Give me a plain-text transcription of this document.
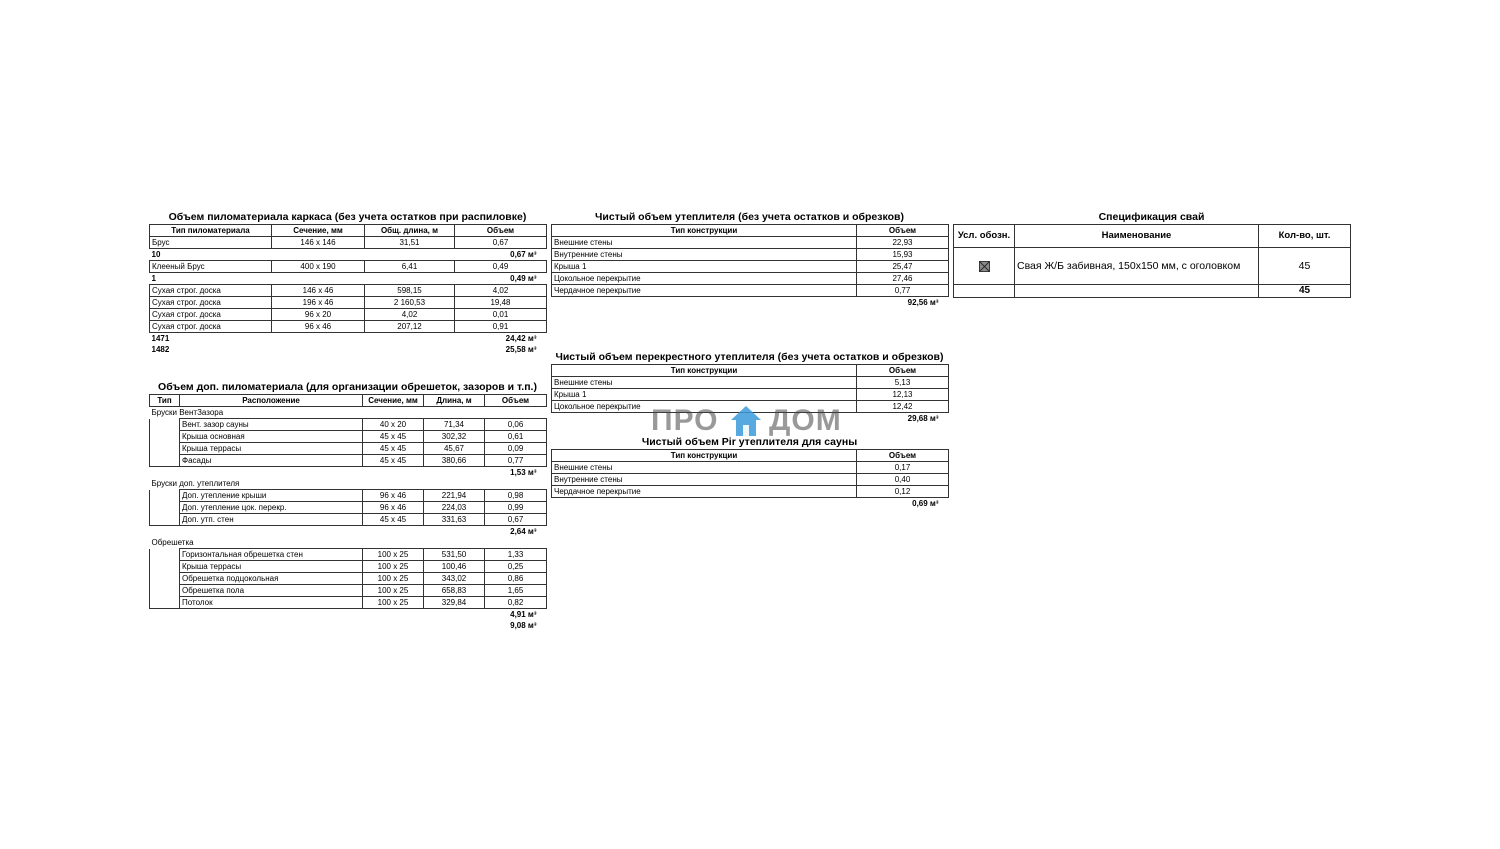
Объем пиломатериала каркаса (без учета остатков при распиловке)
Тип пиломатериала	Сечение, мм	Общ. длина, м	Объем
Брус	146 x 146	31,51	0,67
10			0,67 м³
Клееный Брус	400 x 190	6,41	0,49
1			0,49 м³
Сухая строг. доска	146 x 46	598,15	4,02
Сухая строг. доска	196 x 46	2 160,53	19,48
Сухая строг. доска	96 x 20	4,02	0,01
Сухая строг. доска	96 x 46	207,12	0,91
1471			24,42 м³
1482			25,58 м³
Объем доп. пиломатериала (для организации обрешеток, зазоров и т.п.)
Тип	Расположение	Сечение, мм	Длина, м	Объем
Бруски ВентЗазора				
	Вент. зазор сауны	40 x 20	71,34	0,06
	Крыша основная	45 x 45	302,32	0,61
	Крыша террасы	45 x 45	45,67	0,09
	Фасады	45 x 45	380,66	0,77
				1,53 м³
Бруски доп. утеплителя				
	Доп. утепление крыши	96 x 46	221,94	0,98
	Доп. утепление цок. перекр.	96 x 46	224,03	0,99
	Доп. утп. стен	45 x 45	331,63	0,67
				2,64 м³
Обрешетка				
	Горизонтальная обрешетка стен	100 x 25	531,50	1,33
	Крыша террасы	100 x 25	100,46	0,25
	Обрешетка подцокольная	100 x 25	343,02	0,86
	Обрешетка пола	100 x 25	658,83	1,65
	Потолок	100 x 25	329,84	0,82
				4,91 м³
				9,08 м³
Чистый объем утеплителя (без учета остатков и обрезков)
Тип конструкции	Объем
Внешние стены	22,93
Внутренние стены	15,93
Крыша 1	25,47
Цокольное перекрытие	27,46
Чердачное перекрытие	0,77
	92,56 м³
Чистый объем перекрестного утеплителя (без учета остатков и обрезков)
Тип конструкции	Объем
Внешние стены	5,13
Крыша 1	12,13
Цокольное перекрытие	12,42
	29,68 м³
Чистый объем Pir утеплителя для сауны
Тип конструкции	Объем
Внешние стены	0,17
Внутренние стены	0,40
Чердачное перекрытие	0,12
	0,69 м³
Спецификация свай
Усл. обозн.	Наименование	Кол-во, шт.
	Свая Ж/Б забивная, 150x150 мм, с оголовком	45
		45
ПРО ДОМ
